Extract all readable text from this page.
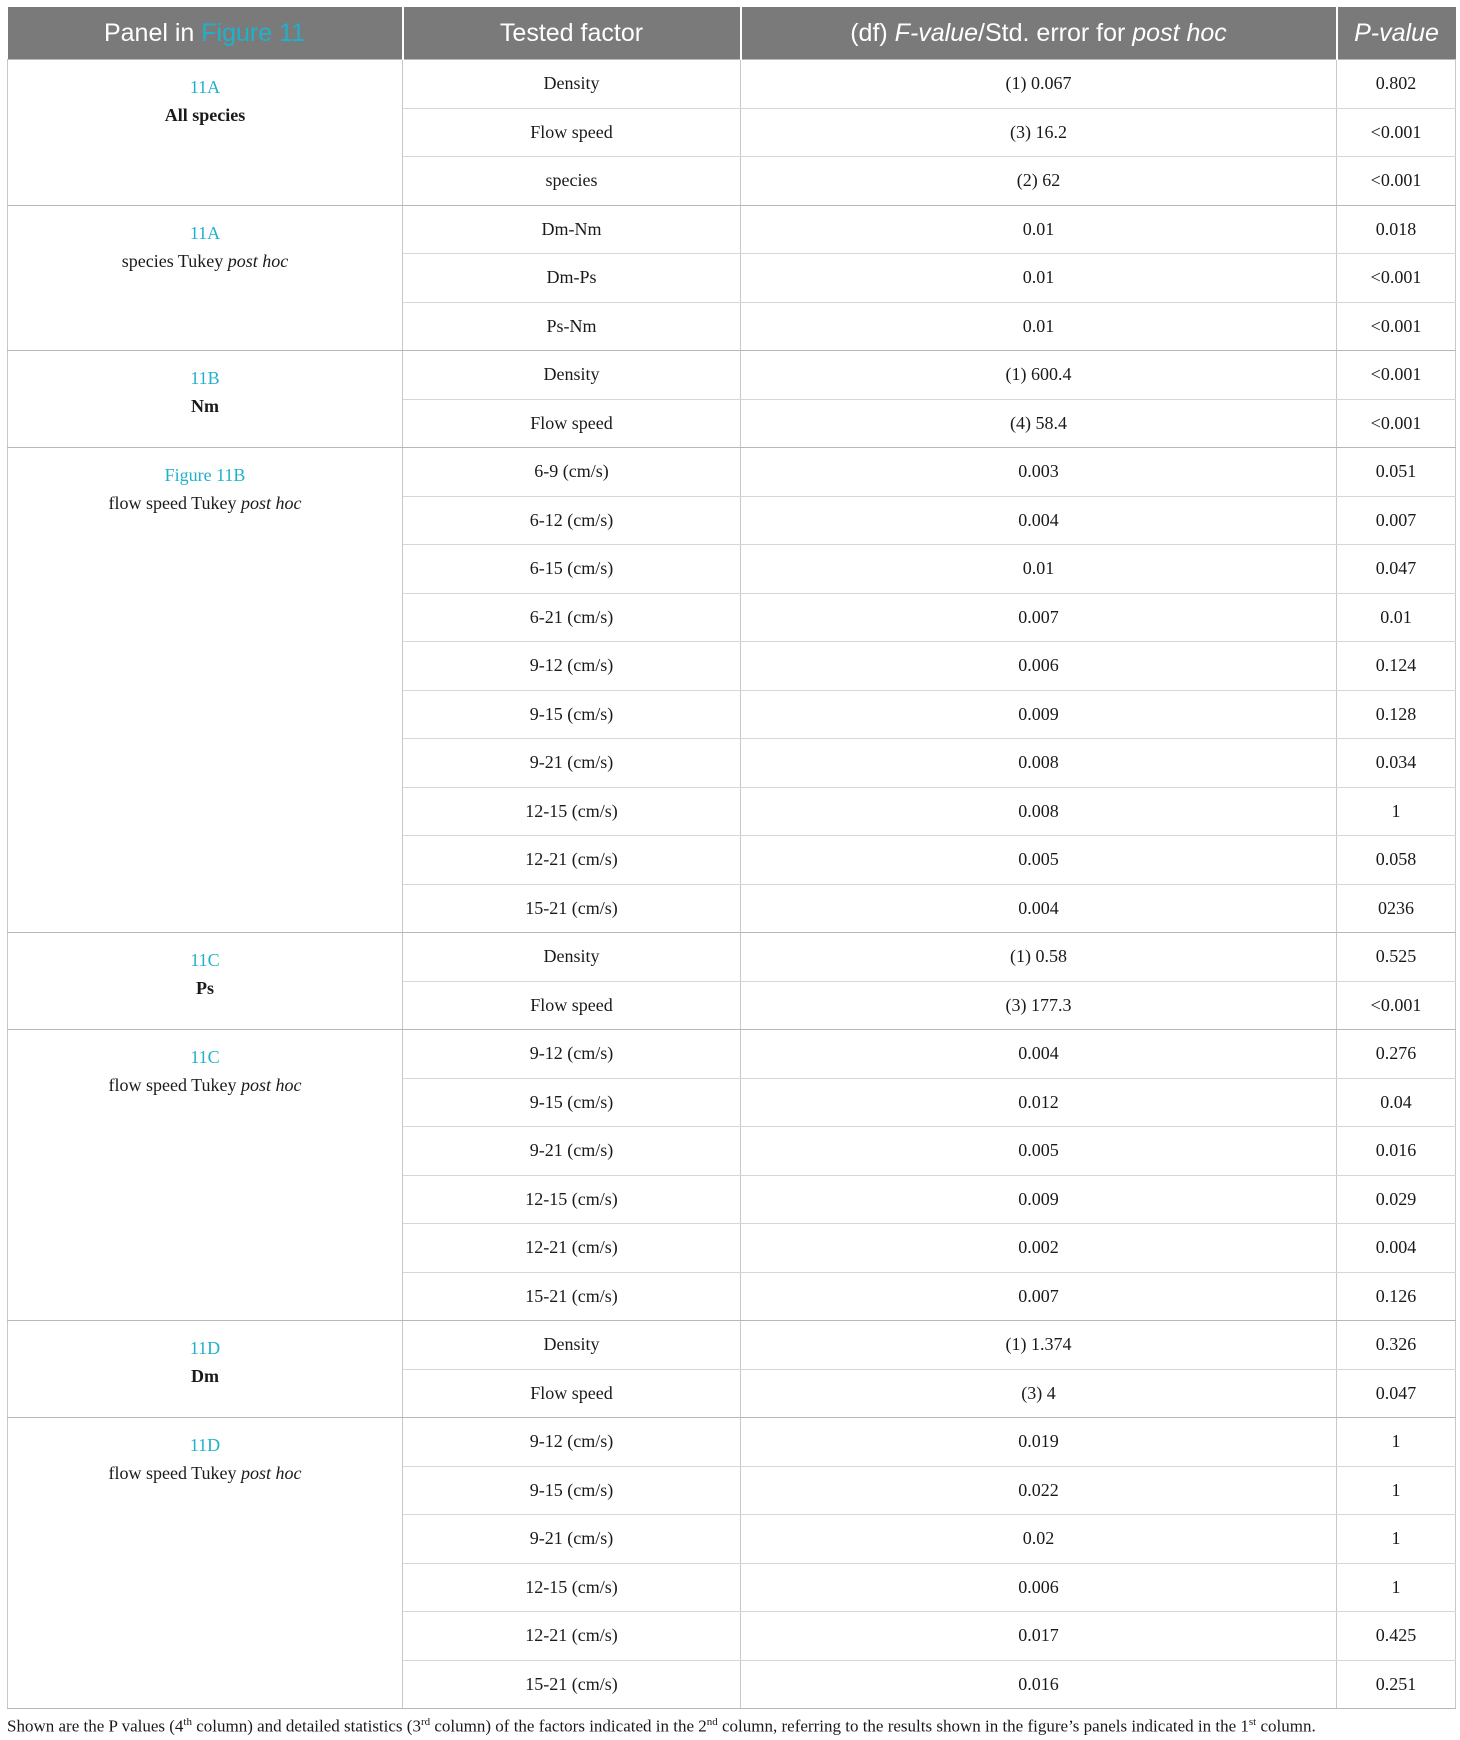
Panel in Figure 11	Tested factor	(df) F-value/Std. error for post hoc	P-value

11A
All species	Density	(1) 0.067	0.802
	Flow speed	(3) 16.2	<0.001
	species	(2) 62	<0.001

11A
species Tukey post hoc	Dm-Nm	0.01	0.018
	Dm-Ps	0.01	<0.001
	Ps-Nm	0.01	<0.001

11B
Nm	Density	(1) 600.4	<0.001
	Flow speed	(4) 58.4	<0.001

Figure 11B
flow speed Tukey post hoc	6-9 (cm/s)	0.003	0.051
	6-12 (cm/s)	0.004	0.007
	6-15 (cm/s)	0.01	0.047
	6-21 (cm/s)	0.007	0.01
	9-12 (cm/s)	0.006	0.124
	9-15 (cm/s)	0.009	0.128
	9-21 (cm/s)	0.008	0.034
	12-15 (cm/s)	0.008	1
	12-21 (cm/s)	0.005	0.058
	15-21 (cm/s)	0.004	0236

11C
Ps	Density	(1) 0.58	0.525
	Flow speed	(3) 177.3	<0.001

11C
flow speed Tukey post hoc	9-12 (cm/s)	0.004	0.276
	9-15 (cm/s)	0.012	0.04
	9-21 (cm/s)	0.005	0.016
	12-15 (cm/s)	0.009	0.029
	12-21 (cm/s)	0.002	0.004
	15-21 (cm/s)	0.007	0.126

11D
Dm	Density	(1) 1.374	0.326
	Flow speed	(3) 4	0.047

11D
flow speed Tukey post hoc	9-12 (cm/s)	0.019	1
	9-15 (cm/s)	0.022	1
	9-21 (cm/s)	0.02	1
	12-15 (cm/s)	0.006	1
	12-21 (cm/s)	0.017	0.425
	15-21 (cm/s)	0.016	0.251
Shown are the P values (4th column) and detailed statistics (3rd column) of the factors indicated in the 2nd column, referring to the results shown in the figure’s panels indicated in the 1st column.
